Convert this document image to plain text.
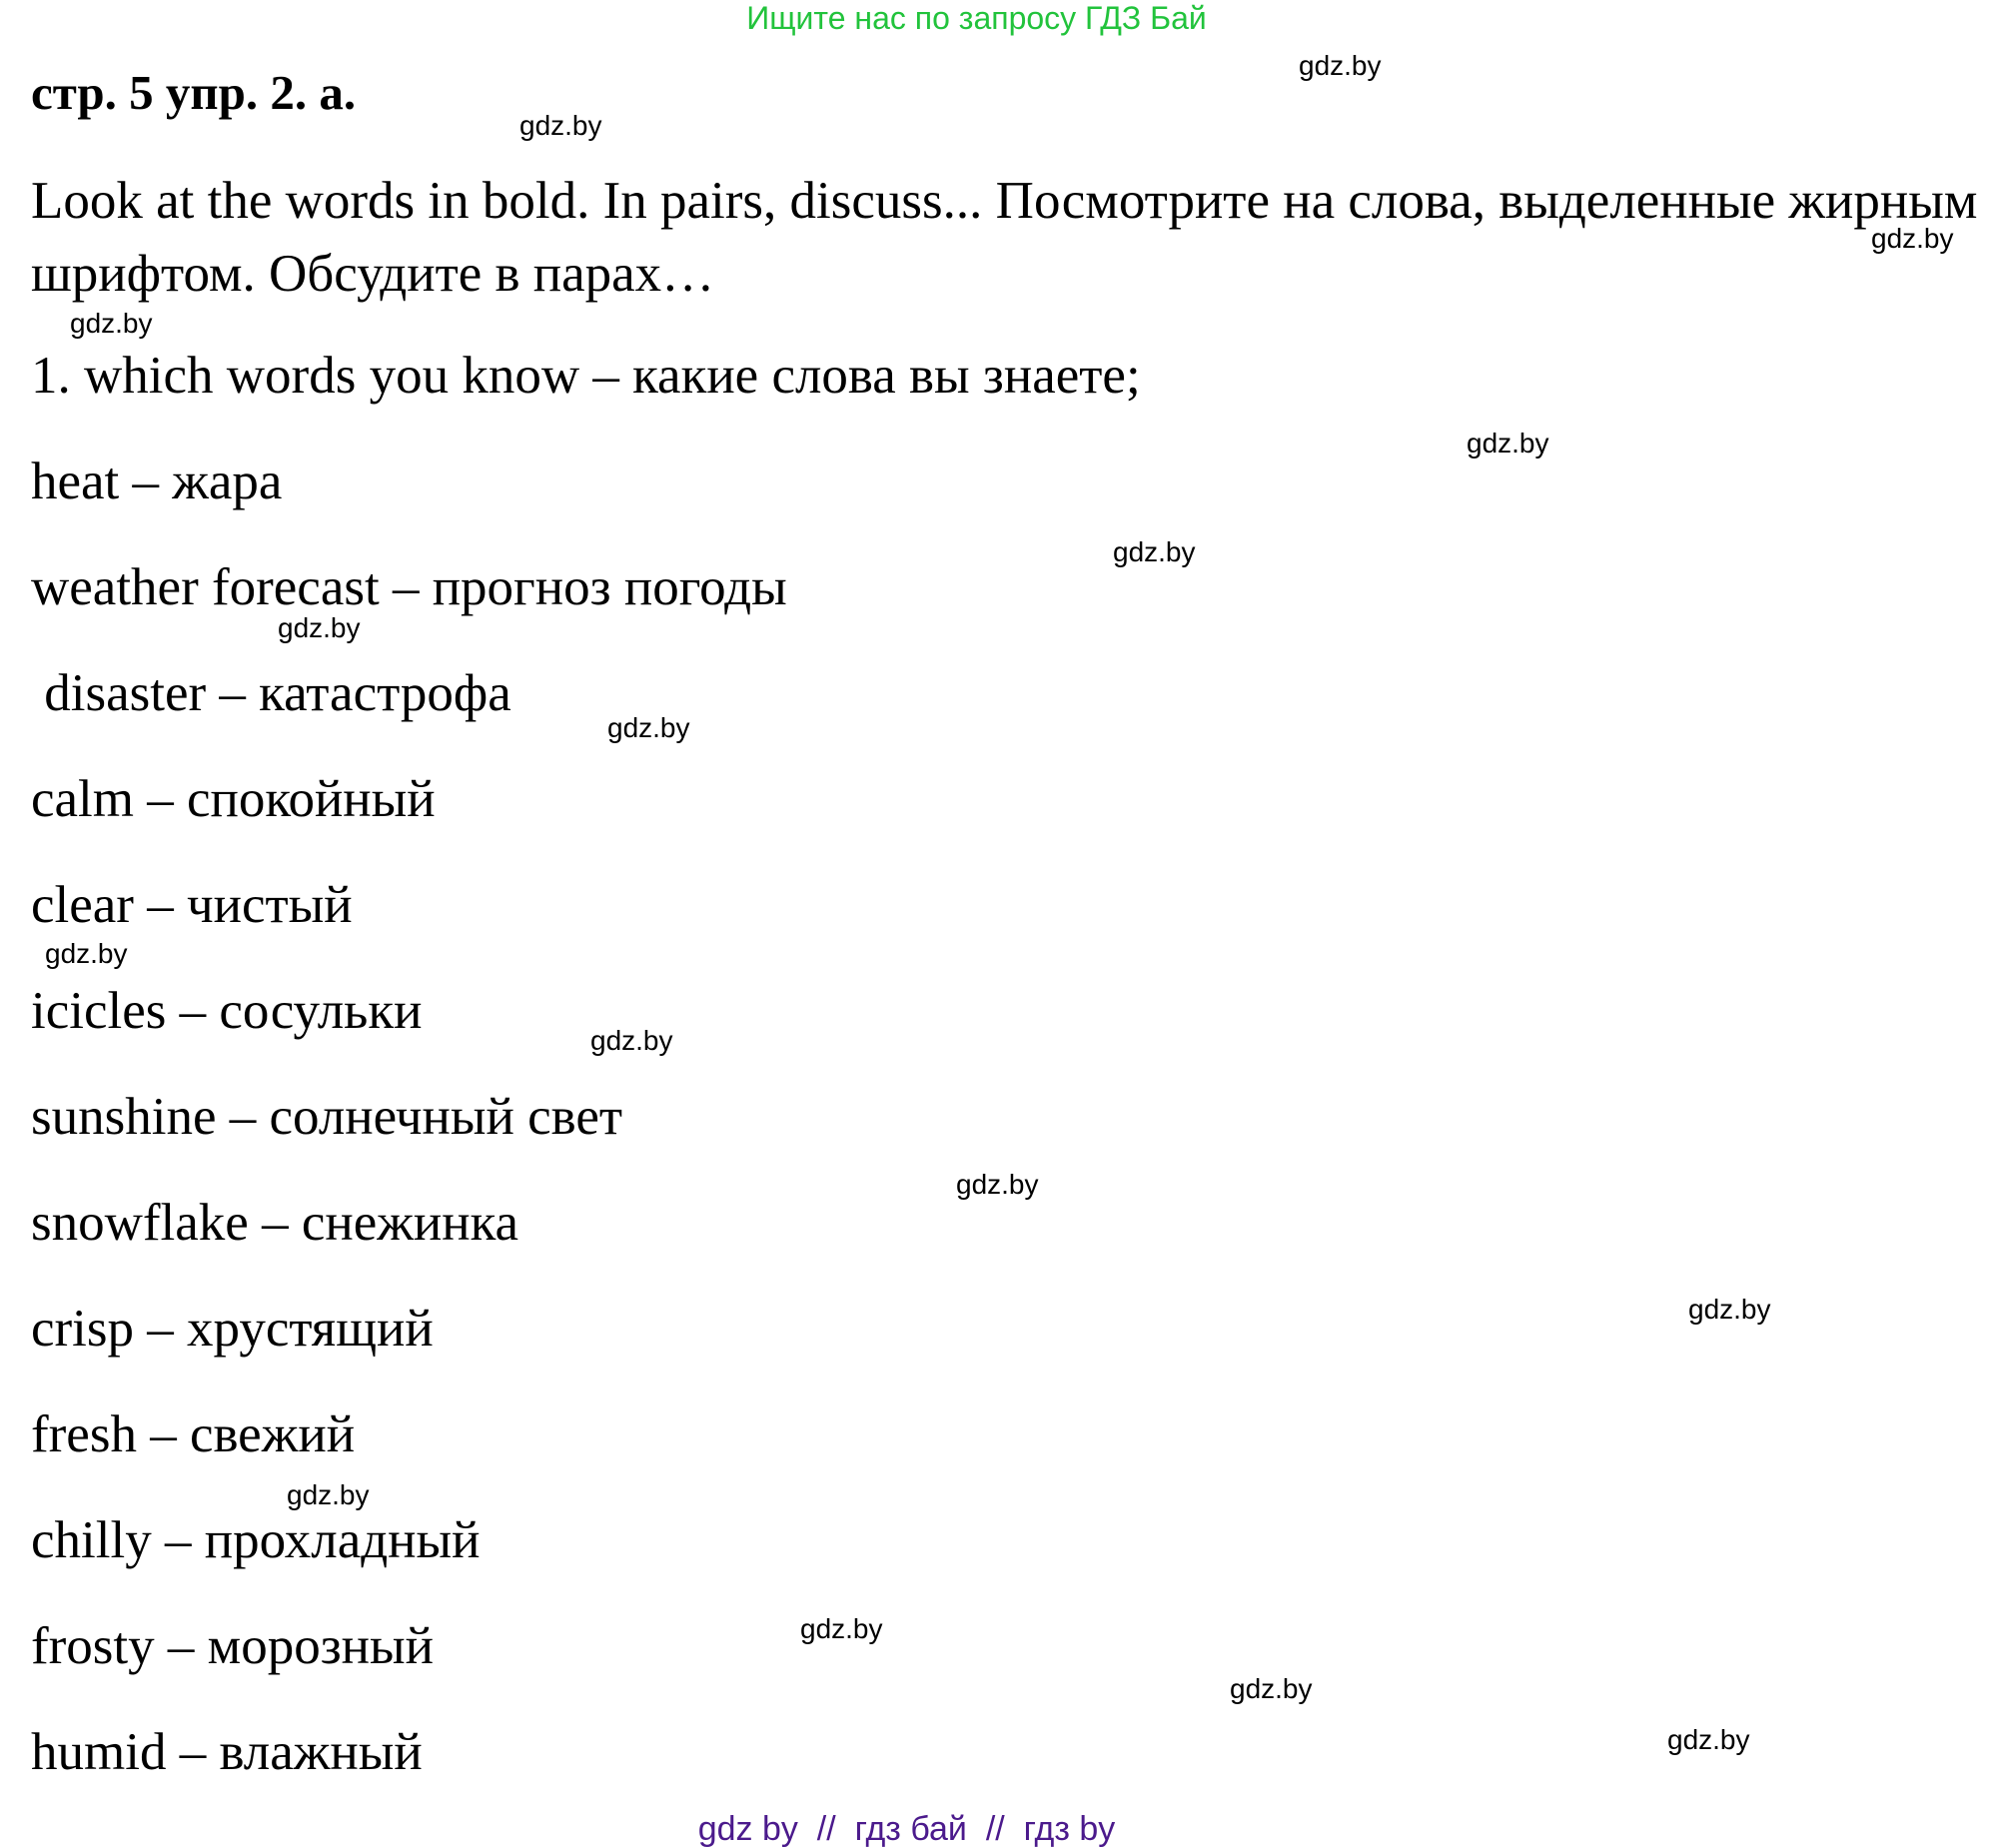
Ищите нас по запросу ГДЗ Бай
стр. 5 упр. 2. а.
Look at the words in bold. In pairs, discuss... Посмотрите на слова, выделенные жирным шрифтом. Обсудите в парах…
1. which words you know – какие слова вы знаете;
heat – жара
weather forecast – прогноз погоды
disaster – катастрофа
calm – спокойный
clear – чистый
icicles – сосульки
sunshine – солнечный свет
snowflake – снежинка
crisp – хрустящий
fresh – свежий
chilly – прохладный
frosty – морозный
humid – влажный
gdz.by
gdz.by
gdz.by
gdz.by
gdz.by
gdz.by
gdz.by
gdz.by
gdz.by
gdz.by
gdz.by
gdz.by
gdz.by
gdz.by
gdz.by
gdz.by
gdz by  //  гдз бай  //  гдз by
